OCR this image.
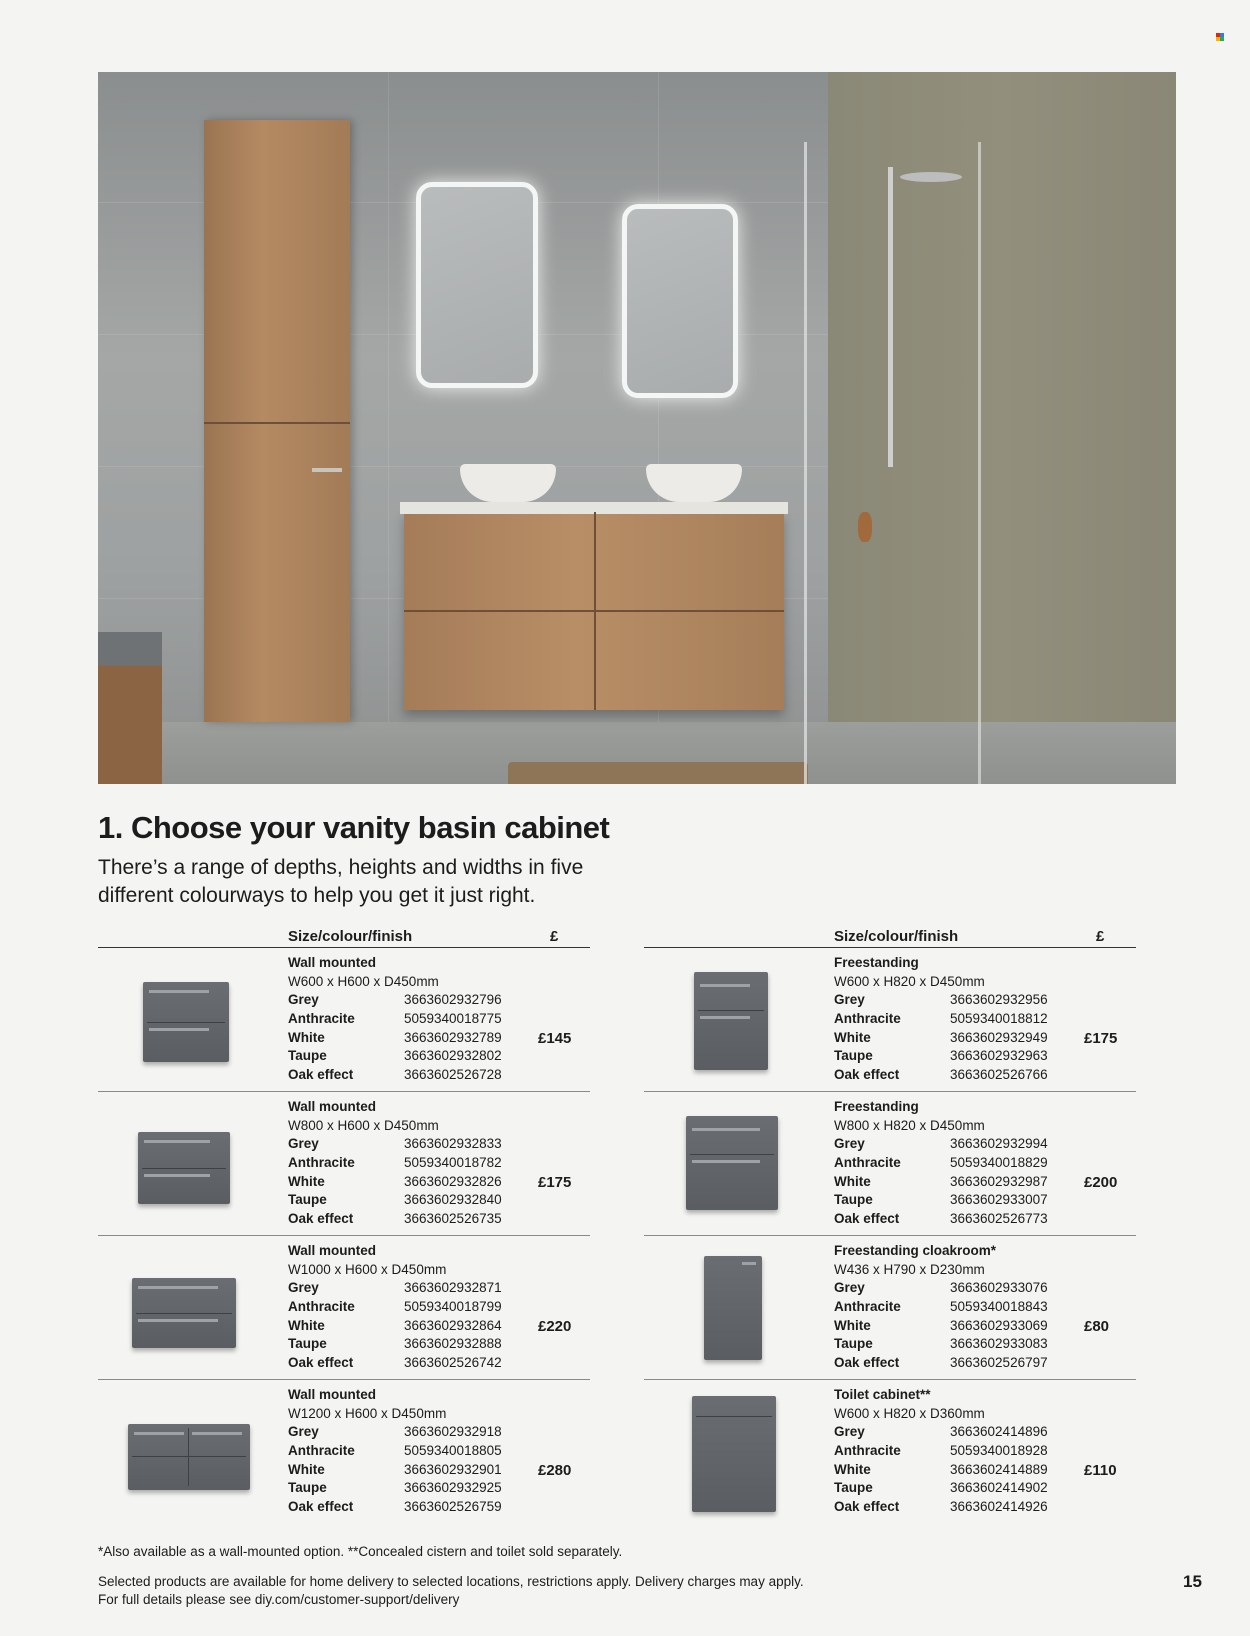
1. Choose your vanity basin cabinet
There’s a range of depths, heights and widths in five
different colourways to help you get it just right.
Size/colour/finish	£
Wall mounted
W600 x H600 x D450mm
Grey	3663602932796
Anthracite	5059340018775
White	3663602932789
Taupe	3663602932802
Oak effect	3663602526728
£145
Wall mounted
W800 x H600 x D450mm
Grey	3663602932833
Anthracite	5059340018782
White	3663602932826
Taupe	3663602932840
Oak effect	3663602526735
£175
Wall mounted
W1000 x H600 x D450mm
Grey	3663602932871
Anthracite	5059340018799
White	3663602932864
Taupe	3663602932888
Oak effect	3663602526742
£220
Wall mounted
W1200 x H600 x D450mm
Grey	3663602932918
Anthracite	5059340018805
White	3663602932901
Taupe	3663602932925
Oak effect	3663602526759
£280
Size/colour/finish	£
Freestanding
W600 x H820 x D450mm
Grey	3663602932956
Anthracite	5059340018812
White	3663602932949
Taupe	3663602932963
Oak effect	3663602526766
£175
Freestanding
W800 x H820 x D450mm
Grey	3663602932994
Anthracite	5059340018829
White	3663602932987
Taupe	3663602933007
Oak effect	3663602526773
£200
Freestanding cloakroom*
W436 x H790 x D230mm
Grey	3663602933076
Anthracite	5059340018843
White	3663602933069
Taupe	3663602933083
Oak effect	3663602526797
£80
Toilet cabinet**
W600 x H820 x D360mm
Grey	3663602414896
Anthracite	5059340018928
White	3663602414889
Taupe	3663602414902
Oak effect	3663602414926
£110
*Also available as a wall-mounted option. **Concealed cistern and toilet sold separately.
Selected products are available for home delivery to selected locations, restrictions apply. Delivery charges may apply.
For full details please see diy.com/customer-support/delivery
15
